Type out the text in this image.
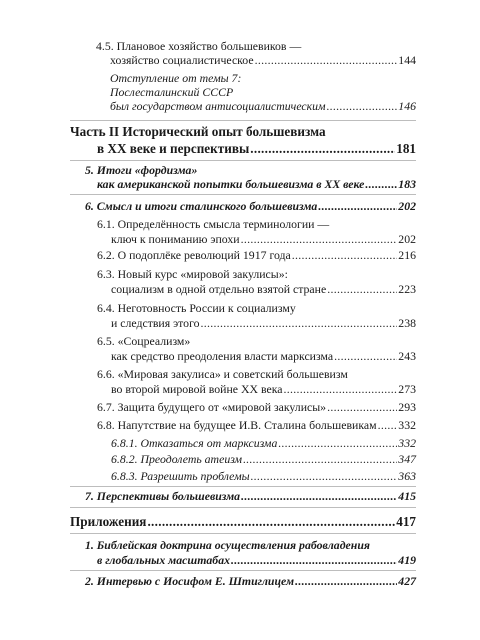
4.5. Плановое хозяйство большевиков —
хозяйство социалистическое .....	144
Отступление от темы 7:
Послесталинский СССР
был государством антисоциалистическим .....	146
Часть II Исторический опыт большевизма
в XX веке и перспективы .....	181
5. Итоги «фордизма»
как американской попытки большевизма в XX веке .....	183
6. Смысл и итоги сталинского большевизма .....	202
6.1. Определённость смысла терминологии —
ключ к пониманию эпохи .....	202
6.2. О подоплёке революций 1917 года .....	216
6.3. Новый курс «мировой закулисы»:
социализм в одной отдельно взятой стране .....	223
6.4. Неготовность России к социализму
и следствия этого .....	238
6.5. «Соцреализм»
как средство преодоления власти марксизма .....	243
6.6. «Мировая закулиса» и советский большевизм
во второй мировой войне XX века .....	273
6.7. Защита будущего от «мировой закулисы» .....	293
6.8. Напутствие на будущее И.В. Сталина большевикам ..... 332
6.8.1. Отказаться от марксизма .....	332
6.8.2. Преодолеть атеизм .....	347
6.8.3. Разрешить проблемы .....	363
7. Перспективы большевизма .....	415
Приложения .....	417
1. Библейская доктрина осуществления рабовладения
в глобальных масштабах .....	419
2. Интервью с Иосифом Е. Штиглицем .....	427
